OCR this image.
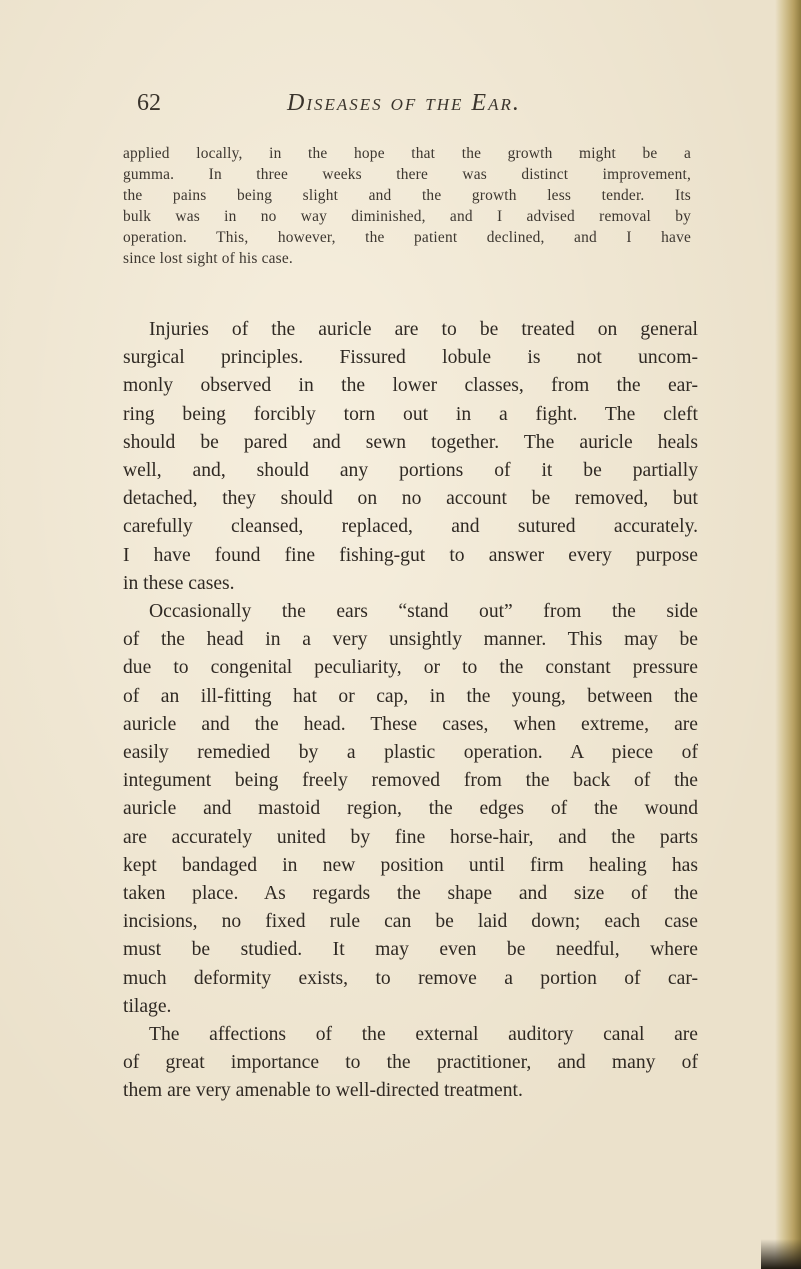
62	Diseases of the Ear.
applied locally, in the hope that the growth might be a
gumma. In three weeks there was distinct improvement,
the pains being slight and the growth less tender. Its
bulk was in no way diminished, and I advised removal by
operation. This, however, the patient declined, and I have
since lost sight of his case.
Injuries of the auricle are to be treated on general
surgical principles. Fissured lobule is not uncom-
monly observed in the lower classes, from the ear-
ring being forcibly torn out in a fight. The cleft
should be pared and sewn together. The auricle heals
well, and, should any portions of it be partially
detached, they should on no account be removed, but
carefully cleansed, replaced, and sutured accurately.
I have found fine fishing-gut to answer every purpose
in these cases.
Occasionally the ears “stand out” from the side
of the head in a very unsightly manner. This may be
due to congenital peculiarity, or to the constant pressure
of an ill-fitting hat or cap, in the young, between the
auricle and the head. These cases, when extreme, are
easily remedied by a plastic operation. A piece of
integument being freely removed from the back of the
auricle and mastoid region, the edges of the wound
are accurately united by fine horse-hair, and the parts
kept bandaged in new position until firm healing has
taken place. As regards the shape and size of the
incisions, no fixed rule can be laid down; each case
must be studied. It may even be needful, where
much deformity exists, to remove a portion of car-
tilage.
The affections of the external auditory canal are
of great importance to the practitioner, and many of
them are very amenable to well-directed treatment.
